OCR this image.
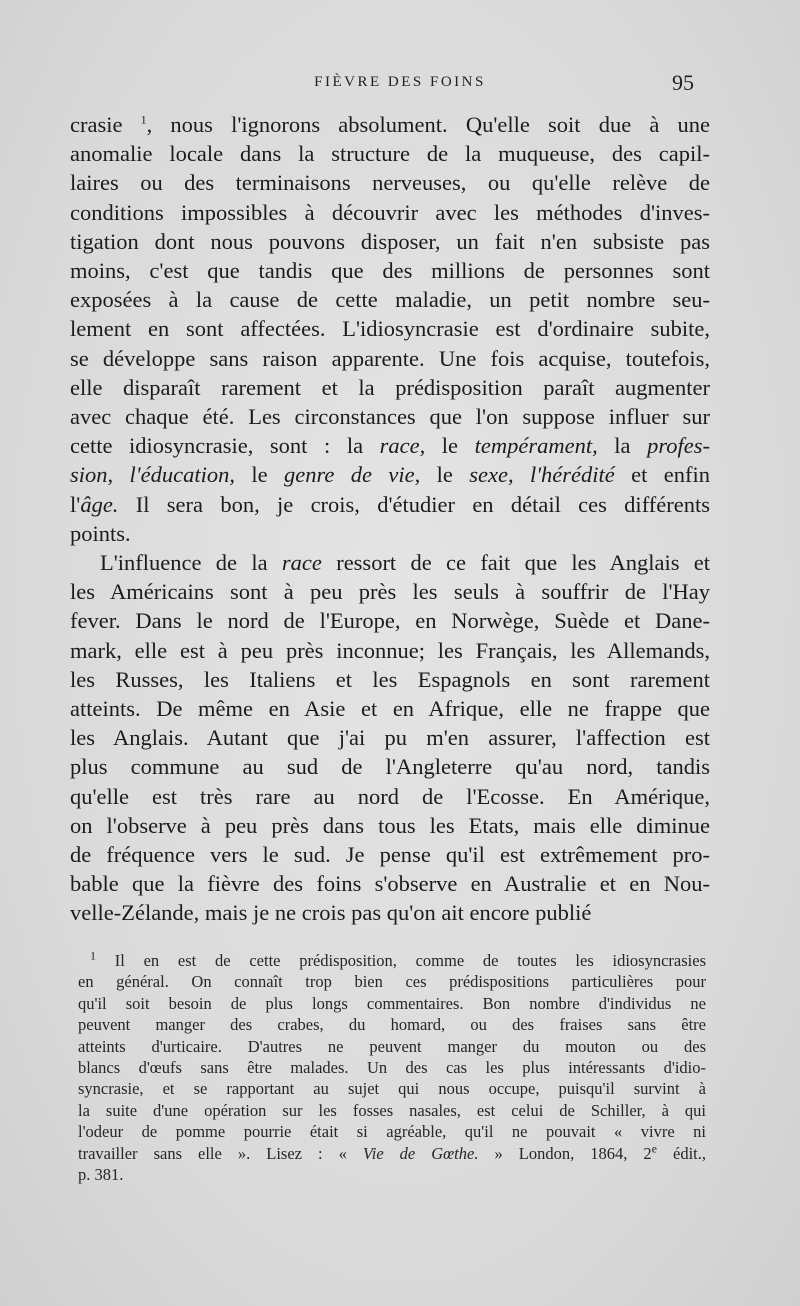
FIÈVRE DES FOINS	95
crasie $^1$, nous l'ignorons absolument. Qu'elle soit due à une
anomalie locale dans la structure de la muqueuse, des capil-
laires ou des terminaisons nerveuses, ou qu'elle relève de
conditions impossibles à découvrir avec les méthodes d'inves-
tigation dont nous pouvons disposer, un fait n'en subsiste pas
moins, c'est que tandis que des millions de personnes sont
exposées à la cause de cette maladie, un petit nombre seu-
lement en sont affectées. L'idiosyncrasie est d'ordinaire subite,
se développe sans raison apparente. Une fois acquise, toutefois,
elle disparaît rarement et la prédisposition paraît augmenter
avec chaque été. Les circonstances que l'on suppose influer sur
cette idiosyncrasie, sont : la race, le tempérament, la profes-
sion, l'éducation, le genre de vie, le sexe, l'hérédité et enfin
l'âge. Il sera bon, je crois, d'étudier en détail ces différents
points.
L'influence de la race ressort de ce fait que les Anglais et
les Américains sont à peu près les seuls à souffrir de l'Hay
fever. Dans le nord de l'Europe, en Norwège, Suède et Dane-
mark, elle est à peu près inconnue; les Français, les Allemands,
les Russes, les Italiens et les Espagnols en sont rarement
atteints. De même en Asie et en Afrique, elle ne frappe que
les Anglais. Autant que j'ai pu m'en assurer, l'affection est
plus commune au sud de l'Angleterre qu'au nord, tandis
qu'elle est très rare au nord de l'Ecosse. En Amérique,
on l'observe à peu près dans tous les Etats, mais elle diminue
de fréquence vers le sud. Je pense qu'il est extrêmement pro-
bable que la fièvre des foins s'observe en Australie et en Nou-
velle-Zélande, mais je ne crois pas qu'on ait encore publié
$^1$ Il en est de cette prédisposition, comme de toutes les idiosyncrasies
en général. On connaît trop bien ces prédispositions particulières pour
qu'il soit besoin de plus longs commentaires. Bon nombre d'individus ne
peuvent manger des crabes, du homard, ou des fraises sans être
atteints d'urticaire. D'autres ne peuvent manger du mouton ou des
blancs d'œufs sans être malades. Un des cas les plus intéressants d'idio-
syncrasie, et se rapportant au sujet qui nous occupe, puisqu'il survint à
la suite d'une opération sur les fosses nasales, est celui de Schiller, à qui
l'odeur de pomme pourrie était si agréable, qu'il ne pouvait « vivre ni
travailler sans elle ». Lisez : « Vie de Gœthe. » London, 1864, 2e édit.,
p. 381.
